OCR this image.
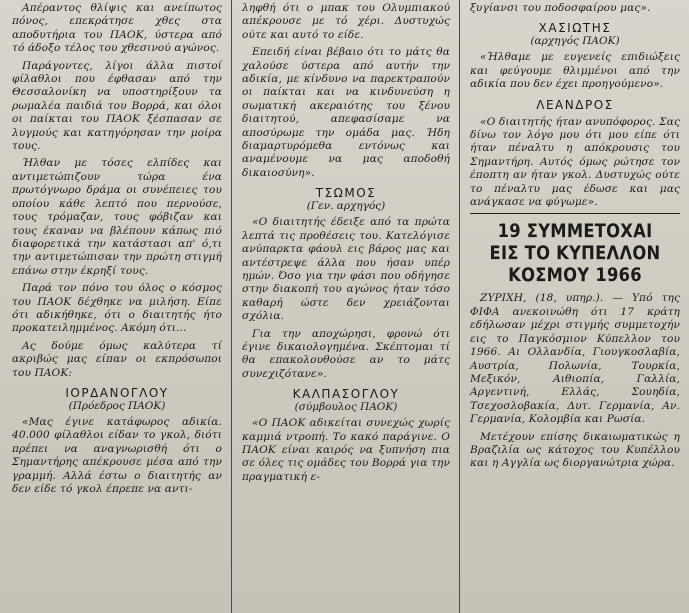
Απέραντος θλίψις και ανείπωτος πόνος, επεκράτησε χθες στα αποδυτήρια του ΠΑΟΚ, ύστερα από τό άδοξο τέλος του χθεσινού αγώνος.

Παράγοντες, λίγοι άλλα πιστοί φίλαθλοι που έφθασαν από την Θεσσαλονίκη να υποστηρίξουν τα ρωμαλέα παιδιά του Βορρά, και όλοι οι παίκται του ΠΑΟΚ ξέσπασαν σε λυγμούς και κατηγόρησαν την μοίρα τους.

Ήλθαν με τόσες ελπίδες και αντιμετώπιζουν τώρα ένα πρωτόγνωρο δράμα οι συνέπειες του οποίου κάθε λεπτό που περνούσε, τους τρόμαζαν, τους φόβιζαν και τους έκαναν να βλέπουν κάπως πιό διαφορετικά την κατάστασι απ' ό,τι την αντιμετώπισαν την πρώτη στιγμή επάνω στην έκρηξί τους.

Παρά τον πόνο του όλος ο κόσμος του ΠΑΟΚ δέχθηκε να μιλήση. Είπε ότι αδικήθηκε, ότι ο διαιτητής ήτο προκατειλημμένος. Ακόμη ότι...

Ας δούμε όμως καλύτερα τί ακριβώς μας είπαν οι εκπρόσωποι του ΠΑΟΚ:

ΙΟΡΔΑΝΟΓΛΟΥ
(Πρόεδρος ΠΑΟΚ)

«Μας έγινε κατάφωρος αδικία. 40.000 φίλαθλοι είδαν το γκολ, διότι πρέπει να αναγνωρισθή ότι ο Σημαντήρης απέκρουσε μέσα από την γραμμή. Αλλά έστω ο διαιτητής αν δεν είδε τό γκολ έπρεπε να αντι-

ληφθή ότι ο μπακ του Ολυμπιακού απέκρουσε με τό χέρι. Δυστυχώς ούτε και αυτό το είδε.

Επειδή είναι βέβαιο ότι το μάτς θα χαλούσε ύστερα από αυτήν την αδικία, με κίνδυνο να παρεκτραπούν οι παίκται και να κινδυνεύση η σωματική ακεραιότης του ξένου διαιτητού, απεφασίσαμε να αποσύρωμε την ομάδα μας. Ήδη διαμαρτυρόμεθα εντόνως και αναμένουμε να μας αποδοθή δικαιοσύνη».

ΤΣΩΜΟΣ
(Γεν. αρχηγός)

«Ο διαιτητής έδειξε από τα πρώτα λεπτά τις προθέσεις του. Κατελόγισε ανύπαρκτα φάουλ εις βάρος μας και αντέστρεψε άλλα που ήσαν υπέρ ημών. Όσο για την φάσι που οδήγησε στην διακοπή του αγώνος ήταν τόσο καθαρή ώστε δεν χρειάζονται σχόλια.

Για την αποχώρησι, φρονώ ότι έγινε δικαιολογημένα. Σκέπτομαι τί θα επακολουθούσε αν το μάτς συνεχιζότανε».

ΚΑΛΠΑΣΟΓΛΟΥ
(σύμβουλος ΠΑΟΚ)

«Ο ΠΑΟΚ αδικείται συνεχώς χωρίς καμμιά ντροπή. Το κακό παράγινε. Ο ΠΑΟΚ είναι καιρός να ξυπνήση πια σε όλες τις ομάδες του Βορρά για την πραγματική ε-

ξυγίανσι του ποδοσφαίρου μας».

ΧΑΣΙΩΤΗΣ
(αρχηγός ΠΑΟΚ)

«Ήλθαμε με ευγενείς επιδιώξεις και φεύγουμε θλιμμένοι από την αδικία που δεν έχει προηγούμενο».

ΛΕΑΝΔΡΟΣ

«Ο διαιτητής ήταν ανυπόφορος. Σας δίνω τον λόγο μου ότι μου είπε ότι ήταν πέναλτυ η απόκρουσις του Σημαντήρη. Αυτός όμως ρώτησε τον έποπτη αν ήταν γκολ. Δυστυχώς ούτε το πέναλτυ μας έδωσε και μας ανάγκασε να φύγωμε».

19 ΣΥΜΜΕΤΟΧΑΙ
ΕΙΣ ΤΟ ΚΥΠΕΛΛΟΝ
ΚΟΣΜΟΥ 1966

ΖΥΡΙΧΗ, (18, υπηρ.). — Υπό της ΦΙΦΑ ανεκοινώθη ότι 17 κράτη εδήλωσαν μέχρι στιγμής συμμετοχήν εις το Παγκόσμιον Κύπελλον του 1966. Αι Ολλανδία, Γιουγκοσλαβία, Αυστρία, Πολωνία, Τουρκία, Μεξικόν, Αιθιοπία, Γαλλία, Αργεντινή, Ελλάς, Σουηδία, Τσεχοσλοβακία, Δυτ. Γερμανία, Αν. Γερμανία, Κολομβία και Ρωσία.

Μετέχουν επίσης δικαιωματικώς η Βραζιλία ως κάτοχος του Κυπέλλου και η Αγγλία ως διοργανώτρια χώρα.
